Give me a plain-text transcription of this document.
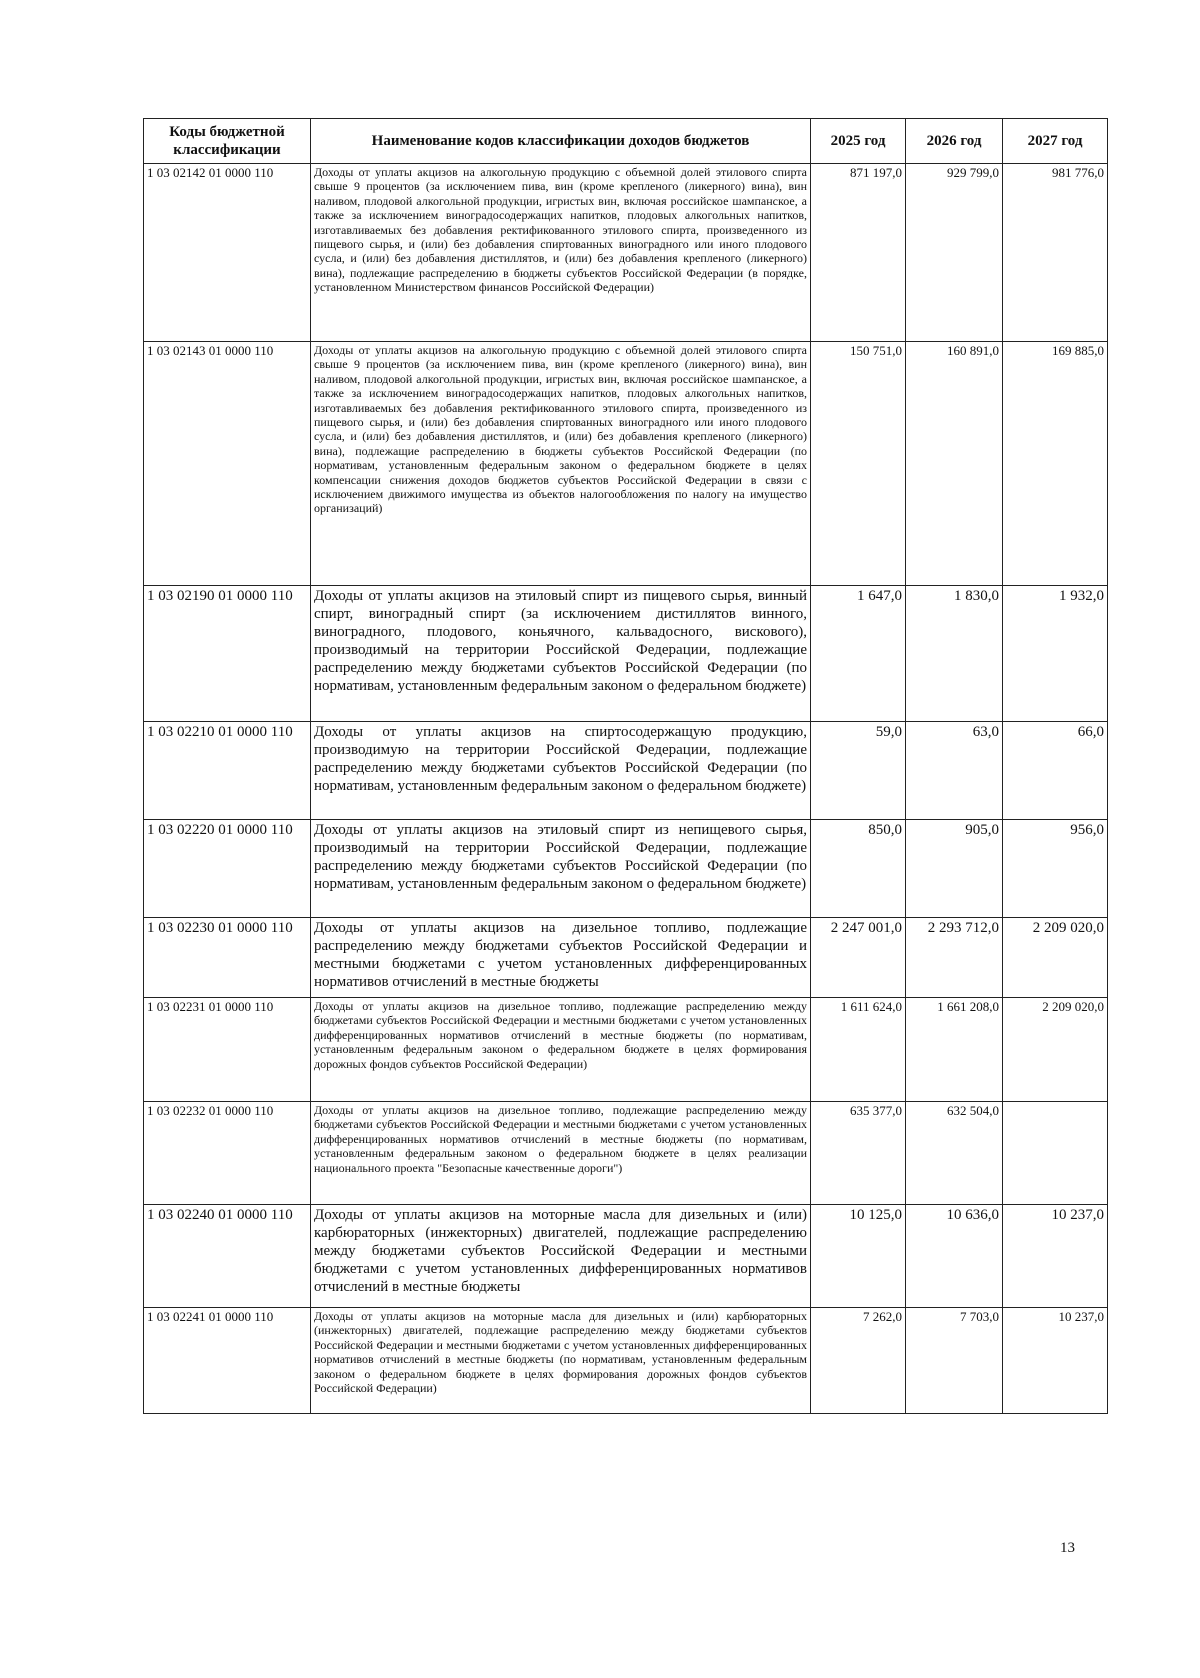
Коды бюджетной классификации	Наименование кодов классификации доходов бюджетов	2025 год	2026 год	2027 год
1 03 02142 01 0000 110	Доходы от уплаты акцизов на алкогольную продукцию с объемной долей этилового спирта свыше 9 процентов (за исключением пива, вин (кроме крепленого (ликерного) вина), вин наливом, плодовой алкогольной продукции, игристых вин, включая российское шампанское, а также за исключением виноградосодержащих напитков, плодовых алкогольных напитков, изготавливаемых без добавления ректификованного этилового спирта, произведенного из пищевого сырья, и (или) без добавления спиртованных виноградного или иного плодового сусла, и (или) без добавления дистиллятов, и (или) без добавления крепленого (ликерного) вина), подлежащие распределению в бюджеты субъектов Российской Федерации (в порядке, установленном Министерством финансов Российской Федерации)	871 197,0	929 799,0	981 776,0
1 03 02143 01 0000 110	Доходы от уплаты акцизов на алкогольную продукцию с объемной долей этилового спирта свыше 9 процентов (за исключением пива, вин (кроме крепленого (ликерного) вина), вин наливом, плодовой алкогольной продукции, игристых вин, включая российское шампанское, а также за исключением виноградосодержащих напитков, плодовых алкогольных напитков, изготавливаемых без добавления ректификованного этилового спирта, произведенного из пищевого сырья, и (или) без добавления спиртованных виноградного или иного плодового сусла, и (или) без добавления дистиллятов, и (или) без добавления крепленого (ликерного) вина), подлежащие распределению в бюджеты субъектов Российской Федерации (по нормативам, установленным федеральным законом о федеральном бюджете в целях компенсации снижения доходов бюджетов субъектов Российской Федерации в связи с исключением движимого имущества из объектов налогообложения по налогу на имущество организаций)	150 751,0	160 891,0	169 885,0
1 03 02190 01 0000 110	Доходы от уплаты акцизов на этиловый спирт из пищевого сырья, винный спирт, виноградный спирт (за исключением дистиллятов винного, виноградного, плодового, коньячного, кальвадосного, вискового), производимый на территории Российской Федерации, подлежащие распределению между бюджетами субъектов Российской Федерации (по нормативам, установленным федеральным законом о федеральном бюджете)	1 647,0	1 830,0	1 932,0
1 03 02210 01 0000 110	Доходы от уплаты акцизов на спиртосодержащую продукцию, производимую на территории Российской Федерации, подлежащие распределению между бюджетами субъектов Российской Федерации (по нормативам, установленным федеральным законом о федеральном бюджете)	59,0	63,0	66,0
1 03 02220 01 0000 110	Доходы от уплаты акцизов на этиловый спирт из непищевого сырья, производимый на территории Российской Федерации, подлежащие распределению между бюджетами субъектов Российской Федерации (по нормативам, установленным федеральным законом о федеральном бюджете)	850,0	905,0	956,0
1 03 02230 01 0000 110	Доходы от уплаты акцизов на дизельное топливо, подлежащие распределению между бюджетами субъектов Российской Федерации и местными бюджетами с учетом установленных дифференцированных нормативов отчислений в местные бюджеты	2 247 001,0	2 293 712,0	2 209 020,0
1 03 02231 01 0000 110	Доходы от уплаты акцизов на дизельное топливо, подлежащие распределению между бюджетами субъектов Российской Федерации и местными бюджетами с учетом установленных дифференцированных нормативов отчислений в местные бюджеты (по нормативам, установленным федеральным законом о федеральном бюджете в целях формирования дорожных фондов субъектов Российской Федерации)	1 611 624,0	1 661 208,0	2 209 020,0
1 03 02232 01 0000 110	Доходы от уплаты акцизов на дизельное топливо, подлежащие распределению между бюджетами субъектов Российской Федерации и местными бюджетами с учетом установленных дифференцированных нормативов отчислений в местные бюджеты (по нормативам, установленным федеральным законом о федеральном бюджете в целях реализации национального проекта "Безопасные качественные дороги")	635 377,0	632 504,0	
1 03 02240 01 0000 110	Доходы от уплаты акцизов на моторные масла для дизельных и (или) карбюраторных (инжекторных) двигателей, подлежащие распределению между бюджетами субъектов Российской Федерации и местными бюджетами с учетом установленных дифференцированных нормативов отчислений в местные бюджеты	10 125,0	10 636,0	10 237,0
1 03 02241 01 0000 110	Доходы от уплаты акцизов на моторные масла для дизельных и (или) карбюраторных (инжекторных) двигателей, подлежащие распределению между бюджетами субъектов Российской Федерации и местными бюджетами с учетом установленных дифференцированных нормативов отчислений в местные бюджеты (по нормативам, установленным федеральным законом о федеральном бюджете в целях формирования дорожных фондов субъектов Российской Федерации)	7 262,0	7 703,0	10 237,0
13
